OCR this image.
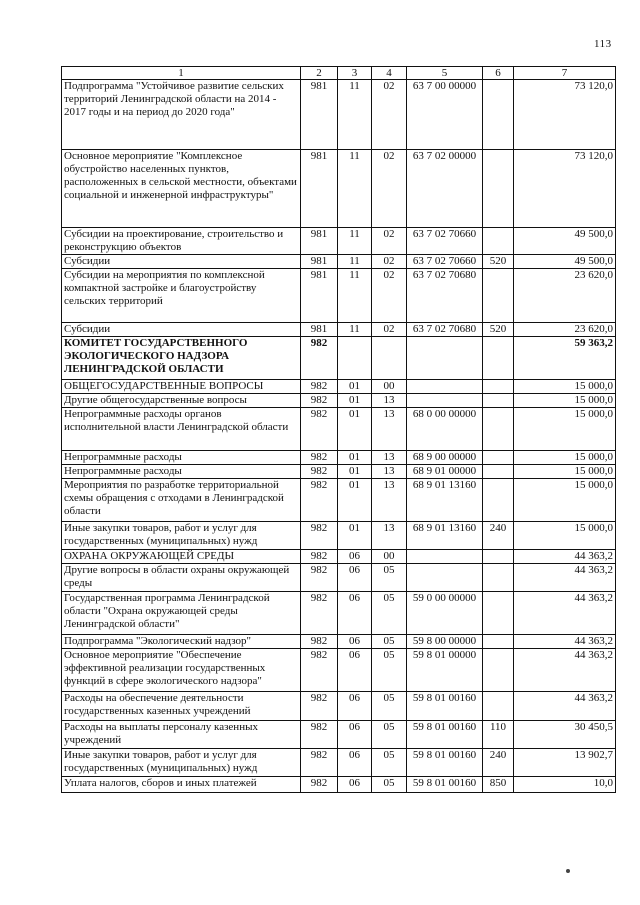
113
1	2	3	4	5	6	7
Подпрограмма "Устойчивое развитие сельских территорий Ленинградской области на 2014 - 2017 годы и на период до 2020 года"	981	11	02	63 7 00 00000		73 120,0
Основное мероприятие "Комплексное обустройство населенных пунктов, расположенных в сельской местности, объектами социальной и инженерной инфраструктуры"	981	11	02	63 7 02 00000		73 120,0
Субсидии на проектирование, строительство и реконструкцию объектов	981	11	02	63 7 02 70660		49 500,0
Субсидии	981	11	02	63 7 02 70660	520	49 500,0
Субсидии на мероприятия по комплексной компактной застройке и благоустройству сельских территорий	981	11	02	63 7 02 70680		23 620,0
Субсидии	981	11	02	63 7 02 70680	520	23 620,0
КОМИТЕТ ГОСУДАРСТВЕННОГО ЭКОЛОГИЧЕСКОГО НАДЗОРА ЛЕНИНГРАДСКОЙ ОБЛАСТИ	982					59 363,2
ОБЩЕГОСУДАРСТВЕННЫЕ ВОПРОСЫ	982	01	00			15 000,0
Другие общегосударственные вопросы	982	01	13			15 000,0
Непрограммные расходы органов исполнительной власти Ленинградской области	982	01	13	68 0 00 00000		15 000,0
Непрограммные расходы	982	01	13	68 9 00 00000		15 000,0
Непрограммные расходы	982	01	13	68 9 01 00000		15 000,0
Мероприятия по разработке территориальной схемы обращения с отходами в Ленинградской области	982	01	13	68 9 01 13160		15 000,0
Иные закупки товаров, работ и услуг для государственных (муниципальных) нужд	982	01	13	68 9 01 13160	240	15 000,0
ОХРАНА ОКРУЖАЮЩЕЙ СРЕДЫ	982	06	00			44 363,2
Другие вопросы в области охраны окружающей среды	982	06	05			44 363,2
Государственная программа Ленинградской области "Охрана окружающей среды Ленинградской области"	982	06	05	59 0 00 00000		44 363,2
Подпрограмма "Экологический надзор"	982	06	05	59 8 00 00000		44 363,2
Основное мероприятие "Обеспечение эффективной реализации государственных функций в сфере экологического надзора"	982	06	05	59 8 01 00000		44 363,2
Расходы на обеспечение деятельности государственных казенных учреждений	982	06	05	59 8 01 00160		44 363,2
Расходы на выплаты персоналу казенных учреждений	982	06	05	59 8 01 00160	110	30 450,5
Иные закупки товаров, работ и услуг для государственных (муниципальных) нужд	982	06	05	59 8 01 00160	240	13 902,7
Уплата налогов, сборов и иных платежей	982	06	05	59 8 01 00160	850	10,0
